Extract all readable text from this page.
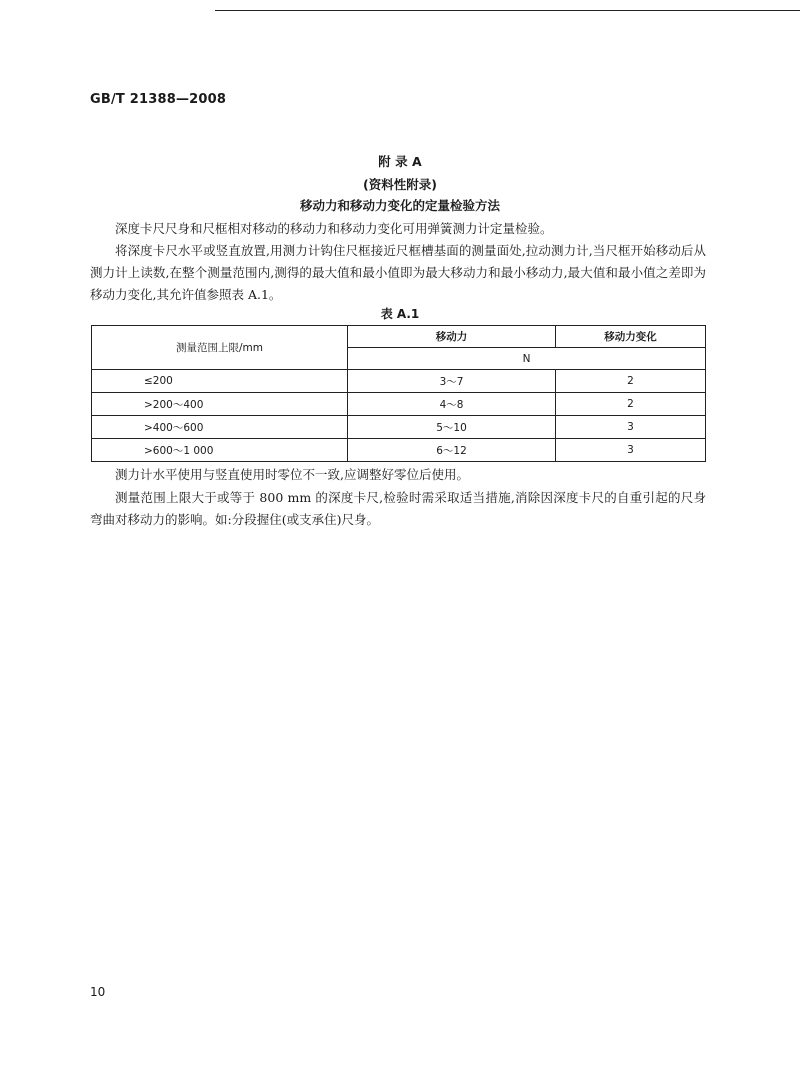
GB/T 21388—2008
附 录 A
(资料性附录)
移动力和移动力变化的定量检验方法
深度卡尺尺身和尺框相对移动的移动力和移动力变化可用弹簧测力计定量检验。
将深度卡尺水平或竖直放置,用测力计钩住尺框接近尺框槽基面的测量面处,拉动测力计,当尺框开始移动后从测力计上读数,在整个测量范围内,测得的最大值和最小值即为最大移动力和最小移动力,最大值和最小值之差即为移动力变化,其允许值参照表 A.1。
表 A.1
测量范围上限/mm	移动力	移动力变化
	N	
≤200	3～7	2
>200～400	4～8	2
>400～600	5～10	3
>600～1 000	6～12	3
测力计水平使用与竖直使用时零位不一致,应调整好零位后使用。
测量范围上限大于或等于 800 mm 的深度卡尺,检验时需采取适当措施,消除因深度卡尺的自重引起的尺身弯曲对移动力的影响。如:分段握住(或支承住)尺身。
10
